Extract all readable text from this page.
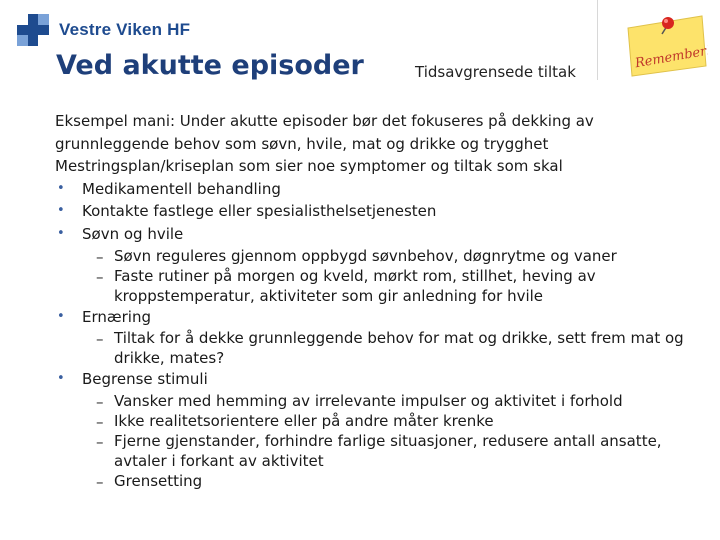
Vestre Viken HF
Ved akutte episoder	Tidsavgrensede tiltak
Remember!
Eksempel mani: Under akutte episoder bør det fokuseres på dekking av
grunnleggende behov som søvn, hvile, mat og drikke og trygghet
Mestringsplan/kriseplan som sier noe symptomer og tiltak som skal
• Medikamentell behandling
• Kontakte fastlege eller spesialisthelsetjenesten
• Søvn og hvile
– Søvn reguleres gjennom oppbygd søvnbehov, døgnrytme og vaner
– Faste rutiner på morgen og kveld, mørkt rom, stillhet, heving av kroppstemperatur, aktiviteter som gir anledning for hvile
• Ernæring
– Tiltak for å dekke grunnleggende behov for mat og drikke, sett frem mat og drikke, mates?
• Begrense stimuli
– Vansker med hemming av irrelevante impulser og aktivitet i forhold
– Ikke realitetsorientere eller på andre måter krenke
– Fjerne gjenstander, forhindre farlige situasjoner, redusere antall ansatte, avtaler i forkant av aktivitet
– Grensetting
